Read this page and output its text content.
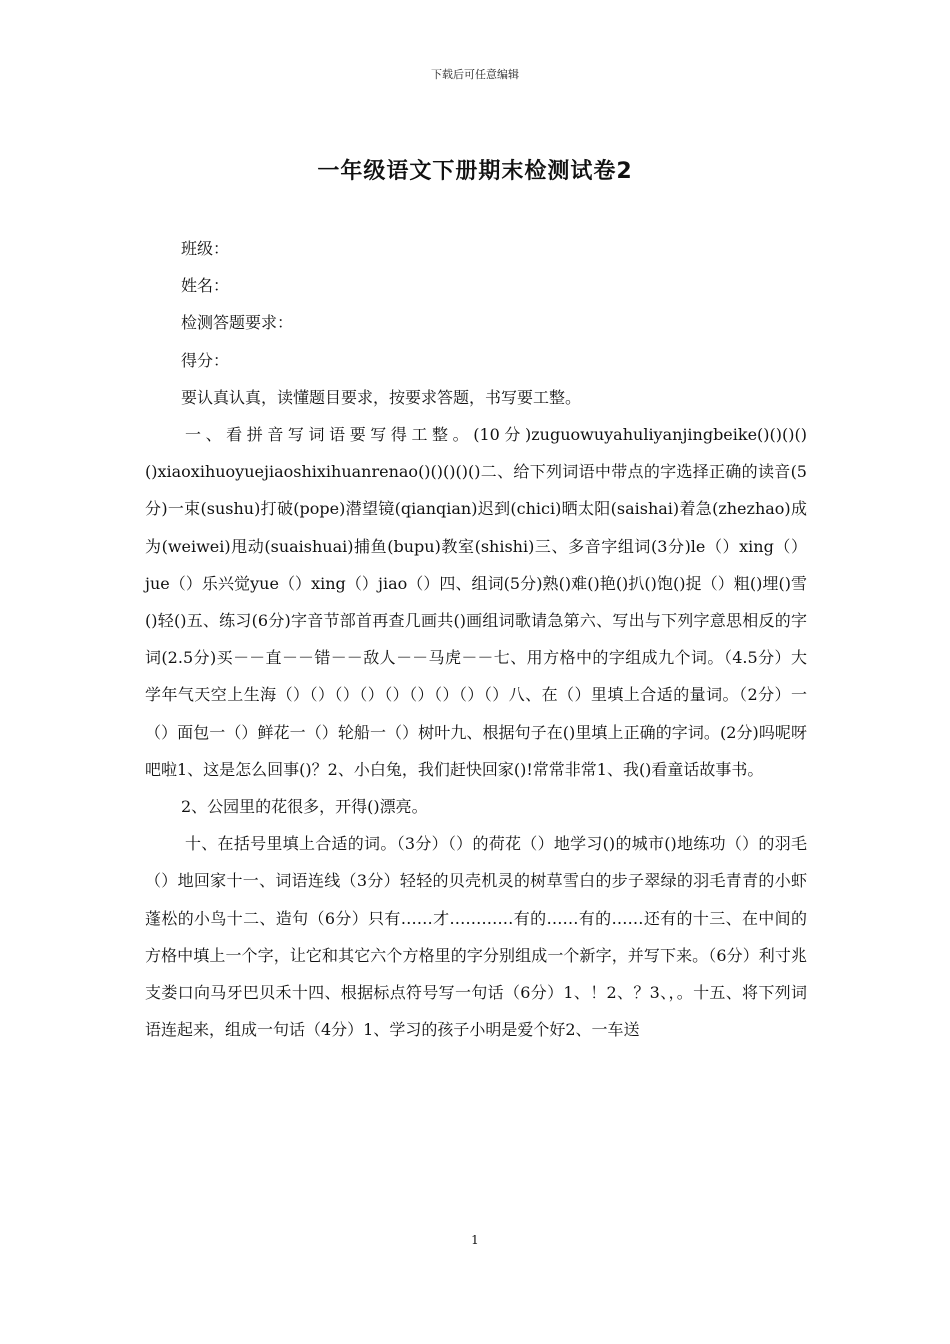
下载后可任意编辑
一年级语文下册期末检测试卷2

班级：

姓名：

检测答题要求：

得分：

要认真认真，读懂题目要求，按要求答题，书写要工整。

一、看拼音写词语要写得工整。(10分)zuguowuyahuliyanjingbeike()()()()()xiaoxihuoyuejiaoshixihuanrenao()()()()()二、给下列词语中带点的字选择正确的读音(5分)一束(sushu)打破(pope)潜望镜(qianqian)迟到(chici)晒太阳(saishai)着急(zhezhao)成为(weiwei)甩动(suaishuai)捕鱼(bupu)教室(shishi)三、多音字组词(3分)le（）xing（）jue（）乐兴觉yue（）xing（）jiao（）四、组词(5分)熟()难()艳()扒()饱()捉（）粗()埋()雪()轻()五、练习(6分)字音节部首再查几画共()画组词歌请急第六、写出与下列字意思相反的字词(2.5分)买－－直－－错－－敌人－－马虎－－七、用方格中的字组成九个词。（4.5分）大学年气天空上生海（）（）（）（）（）（）（）（）（）八、在（）里填上合适的量词。（2分）一（）面包一（）鲜花一（）轮船一（）树叶九、根据句子在()里填上正确的字词。(2分)吗呢呀吧啦1、这是怎么回事()？2、小白兔，我们赶快回家()!常常非常1、我()看童话故事书。

2、公园里的花很多，开得()漂亮。

十、在括号里填上合适的词。（3分）（）的荷花（）地学习()的城市()地练功（）的羽毛（）地回家十一、词语连线（3分）轻轻的贝壳机灵的树草雪白的步子翠绿的羽毛青青的小虾蓬松的小鸟十二、造句（6分）只有……才…………有的……有的……还有的十三、在中间的方格中填上一个字，让它和其它六个方格里的字分别组成一个新字，并写下来。（6分）利寸兆支娄口向马牙巴贝禾十四、根据标点符号写一句话（6分）1、！2、？3、，。十五、将下列词语连起来，组成一句话（4分）1、学习的孩子小明是爱个好2、一车送

1
